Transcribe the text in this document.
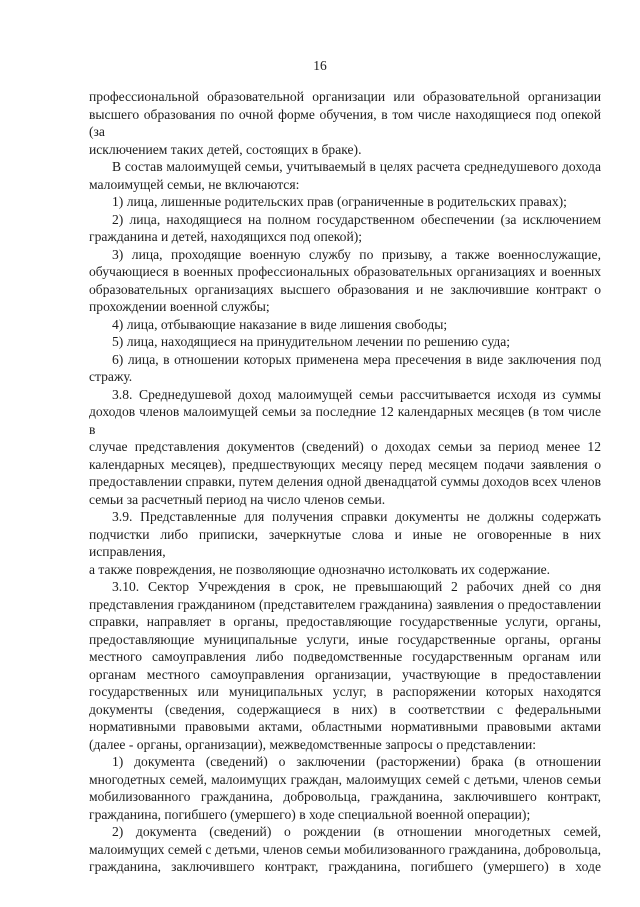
16
профессиональной образовательной организации или образовательной организации
высшего образования по очной форме обучения, в том числе находящиеся под опекой (за
исключением таких детей, состоящих в браке).
В состав малоимущей семьи, учитываемый в целях расчета среднедушевого дохода
малоимущей семьи, не включаются:
1) лица, лишенные родительских прав (ограниченные в родительских правах);
2) лица, находящиеся на полном государственном обеспечении (за исключением
гражданина и детей, находящихся под опекой);
3) лица, проходящие военную службу по призыву, а также военнослужащие,
обучающиеся в военных профессиональных образовательных организациях и военных
образовательных организациях высшего образования и не заключившие контракт о
прохождении военной службы;
4) лица, отбывающие наказание в виде лишения свободы;
5) лица, находящиеся на принудительном лечении по решению суда;
6) лица, в отношении которых применена мера пресечения в виде заключения под
стражу.
3.8. Среднедушевой доход малоимущей семьи рассчитывается исходя из суммы
доходов членов малоимущей семьи за последние 12 календарных месяцев (в том числе в
случае представления документов (сведений) о доходах семьи за период менее 12
календарных месяцев), предшествующих месяцу перед месяцем подачи заявления о
предоставлении справки, путем деления одной двенадцатой суммы доходов всех членов
семьи за расчетный период на число членов семьи.
3.9. Представленные для получения справки документы не должны содержать
подчистки либо приписки, зачеркнутые слова и иные не оговоренные в них исправления,
а также повреждения, не позволяющие однозначно истолковать их содержание.
3.10. Сектор Учреждения в срок, не превышающий 2 рабочих дней со дня
представления гражданином (представителем гражданина) заявления о предоставлении
справки, направляет в органы, предоставляющие государственные услуги, органы,
предоставляющие муниципальные услуги, иные государственные органы, органы
местного самоуправления либо подведомственные государственным органам или
органам местного самоуправления организации, участвующие в предоставлении
государственных или муниципальных услуг, в распоряжении которых находятся
документы (сведения, содержащиеся в них) в соответствии с федеральными
нормативными правовыми актами, областными нормативными правовыми актами
(далее - органы, организации), межведомственные запросы о представлении:
1) документа (сведений) о заключении (расторжении) брака (в отношении
многодетных семей, малоимущих граждан, малоимущих семей с детьми, членов семьи
мобилизованного гражданина, добровольца, гражданина, заключившего контракт,
гражданина, погибшего (умершего) в ходе специальной военной операции);
2) документа (сведений) о рождении (в отношении многодетных семей,
малоимущих семей с детьми, членов семьи мобилизованного гражданина, добровольца,
гражданина, заключившего контракт, гражданина, погибшего (умершего) в ходе
